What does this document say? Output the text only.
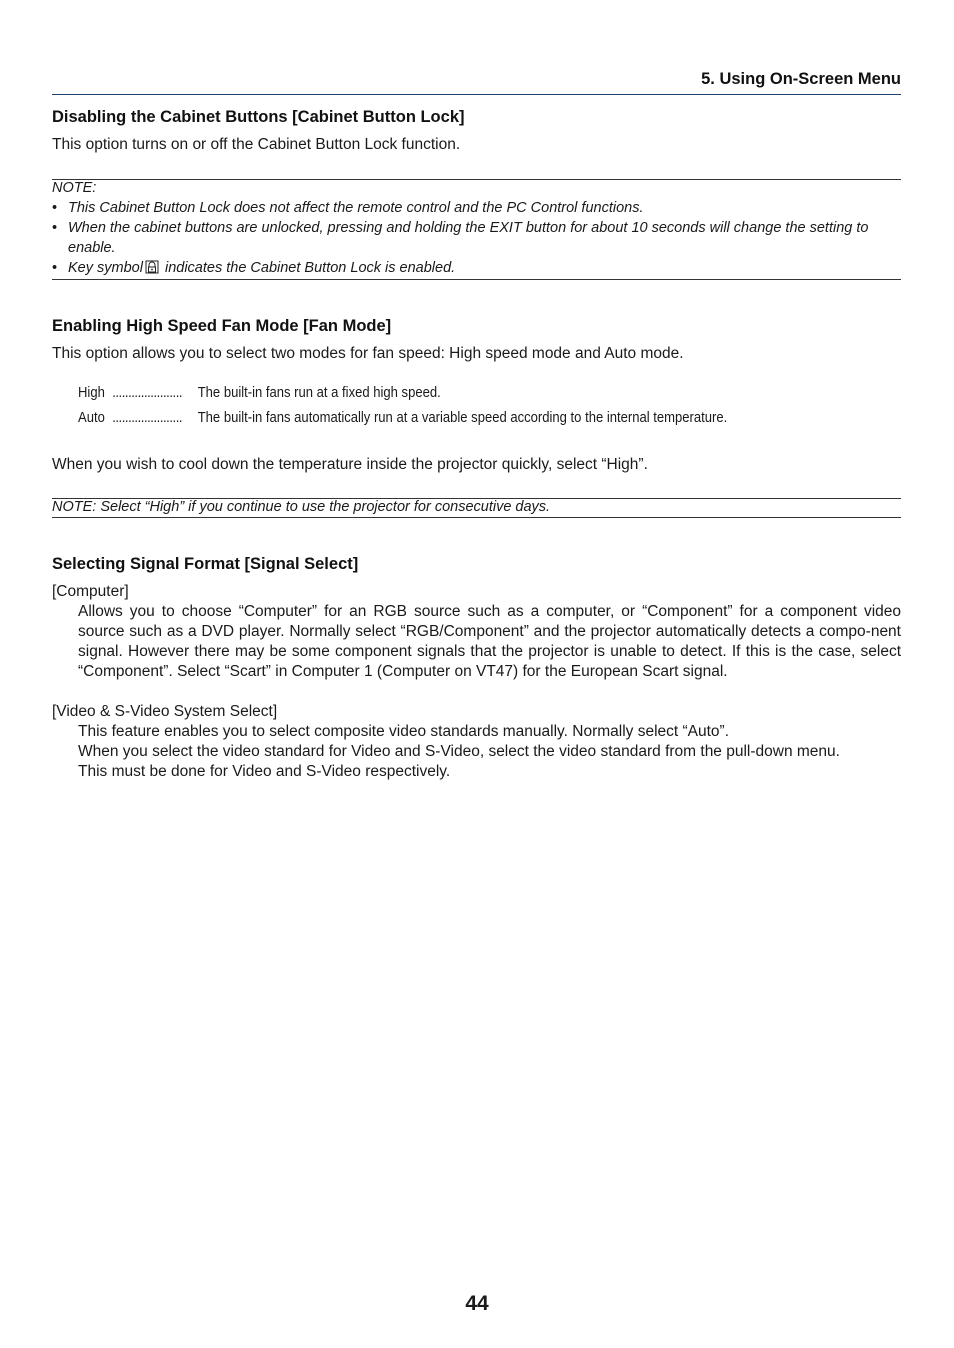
5. Using On-Screen Menu
Disabling the Cabinet Buttons [Cabinet Button Lock]
This option turns on or off the Cabinet Button Lock function.
NOTE:
• This Cabinet Button Lock does not affect the remote control and the PC Control functions.
• When the cabinet buttons are unlocked, pressing and holding the EXIT button for about 10 seconds will change the setting to enable.
• Key symbol indicates the Cabinet Button Lock is enabled.
Enabling High Speed Fan Mode [Fan Mode]
This option allows you to select two modes for fan speed: High speed mode and Auto mode.
High ......................	The built-in fans run at a fixed high speed.
Auto ......................	The built-in fans automatically run at a variable speed according to the internal temperature.
When you wish to cool down the temperature inside the projector quickly, select “High”.
NOTE: Select “High” if you continue to use the projector for consecutive days.
Selecting Signal Format [Signal Select]
[Computer]

Allows you to choose “Computer” for an RGB source such as a computer, or “Component” for a component video source such as a DVD player. Normally select “RGB/Component” and the projector automatically detects a compo-nent signal. However there may be some component signals that the projector is unable to detect. If this is the case, select “Component”. Select “Scart” in Computer 1 (Computer on VT47) for the European Scart signal.

[Video & S-Video System Select]

This feature enables you to select composite video standards manually. Normally select “Auto”.

When you select the video standard for Video and S-Video, select the video standard from the pull-down menu.

This must be done for Video and S-Video respectively.

44
